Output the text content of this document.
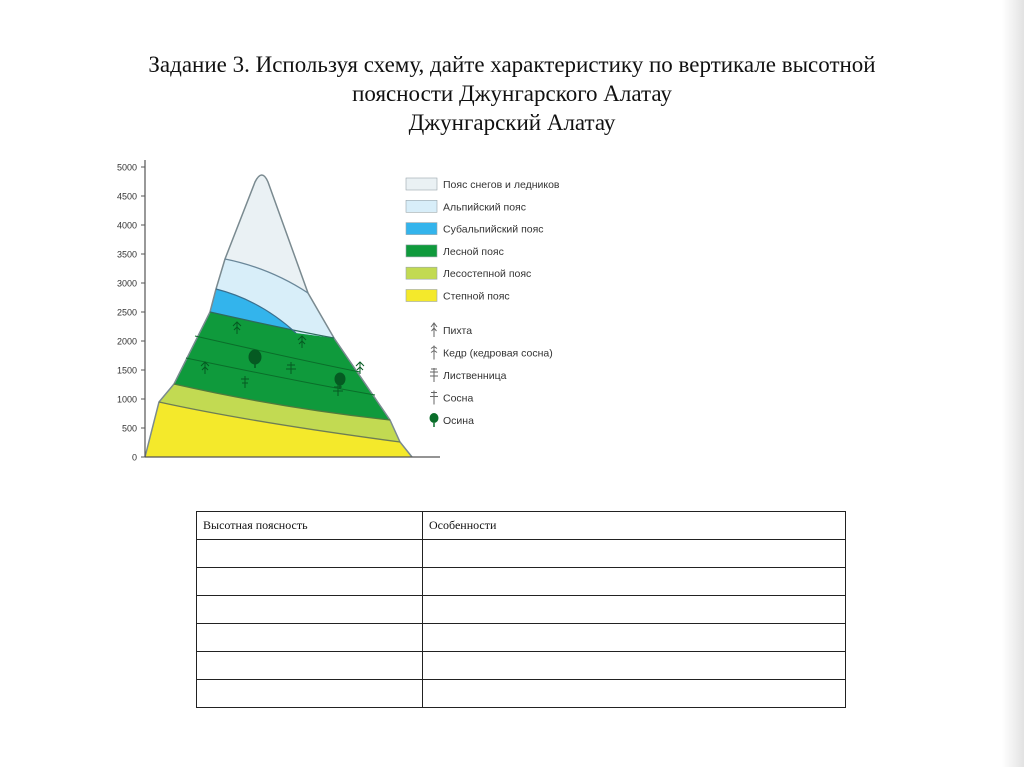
Задание 3. Используя схему, дайте характеристику по вертикале высотной
поясности Джунгарского Алатау
Джунгарский Алатау
5000
4500
4000
3500
3000
2500
2000
1500
1000
500
0
Пояс снегов и ледников
Альпийский пояс
Субальпийский пояс
Лесной пояс
Лесостепной пояс
Степной пояс
Пихта
Кедр (кедровая сосна)
Лиственница
Сосна
Осина
Высотная поясность	Особенности
